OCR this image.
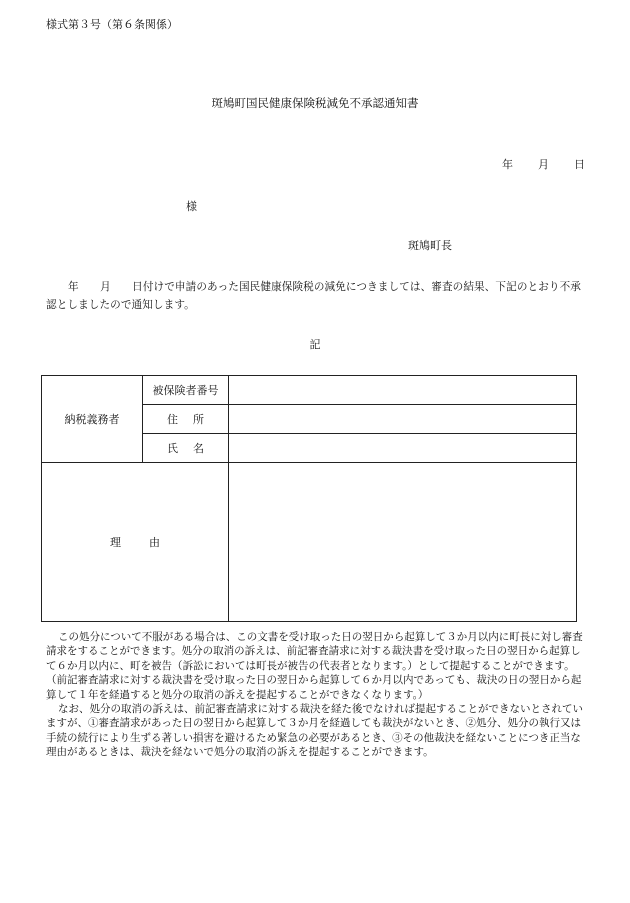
様式第３号（第６条関係）
斑鳩町国民健康保険税減免不承認通知書
年 月 日
様
斑鳩町長
年　　月　　日付けで申請のあった国民健康保険税の減免につきましては、審査の結果、下記のとおり不承認としましたので通知します。
記
納税義務者	被保険者番号	
	住所	
	氏名	
理由		

この処分について不服がある場合は、この文書を受け取った日の翌日から起算して３か月以内に町長に対し審査請求をすることができます。処分の取消の訴えは、前記審査請求に対する裁決書を受け取った日の翌日から起算して６か月以内に、町を被告（訴訟においては町長が被告の代表者となります。）として提起することができます。（前記審査請求に対する裁決書を受け取った日の翌日から起算して６か月以内であっても、裁決の日の翌日から起算して１年を経過すると処分の取消の訴えを提起することができなくなります。）

なお、処分の取消の訴えは、前記審査請求に対する裁決を経た後でなければ提起することができないとされていますが、①審査請求があった日の翌日から起算して３か月を経過しても裁決がないとき、②処分、処分の執行又は手続の続行により生ずる著しい損害を避けるため緊急の必要があるとき、③その他裁決を経ないことにつき正当な理由があるときは、裁決を経ないで処分の取消の訴えを提起することができます。
